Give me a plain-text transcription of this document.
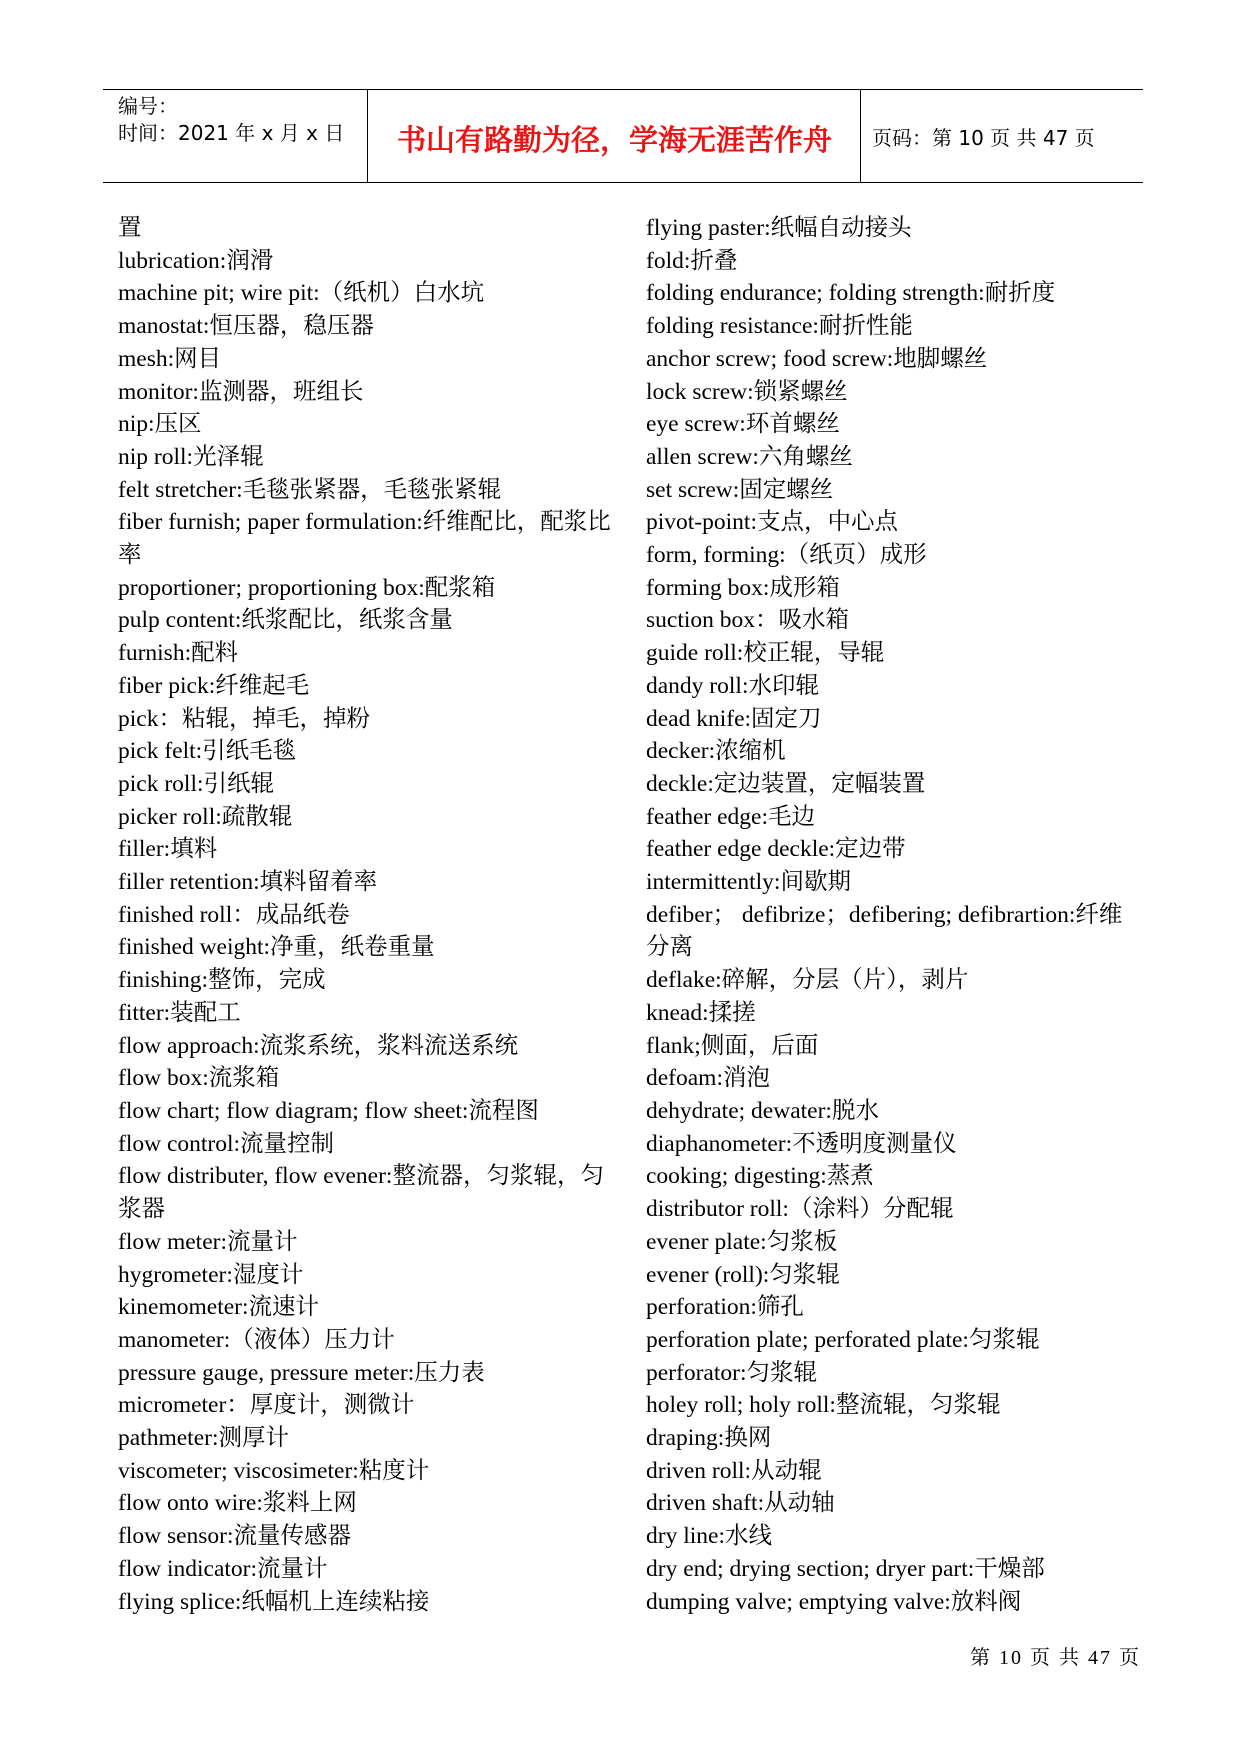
编号：
时间：2021 年 x 月 x 日	书山有路勤为径，学海无涯苦作舟	页码：第 10 页 共 47 页

置

lubrication:润滑

machine pit; wire pit:（纸机）白水坑

manostat:恒压器，稳压器

mesh:网目

monitor:监测器，班组长

nip:压区

nip roll:光泽辊

felt stretcher:毛毯张紧器，毛毯张紧辊

fiber furnish; paper formulation:纤维配比，配浆比率

proportioner; proportioning box:配浆箱

pulp content:纸浆配比，纸浆含量

furnish:配料

fiber pick:纤维起毛

pick：粘辊，掉毛，掉粉

pick felt:引纸毛毯

pick roll:引纸辊

picker roll:疏散辊

filler:填料

filler retention:填料留着率

finished roll：成品纸卷

finished weight:净重，纸卷重量

finishing:整饰，完成

fitter:装配工

flow approach:流浆系统，浆料流送系统

flow box:流浆箱

flow chart; flow diagram; flow sheet:流程图

flow control:流量控制

flow distributer, flow evener:整流器，匀浆辊，匀浆器

flow meter:流量计

hygrometer:湿度计

kinemometer:流速计

manometer:（液体）压力计

pressure gauge, pressure meter:压力表

micrometer：厚度计，测微计

pathmeter:测厚计

viscometer; viscosimeter:粘度计

flow onto wire:浆料上网

flow sensor:流量传感器

flow indicator:流量计

flying splice:纸幅机上连续粘接

flying paster:纸幅自动接头

fold:折叠

folding endurance; folding strength:耐折度

folding resistance:耐折性能

anchor screw; food screw:地脚螺丝

lock screw:锁紧螺丝

eye screw:环首螺丝

allen screw:六角螺丝

set screw:固定螺丝

pivot-point:支点，中心点

form, forming:（纸页）成形

forming box:成形箱

suction box：吸水箱

guide roll:校正辊，导辊

dandy roll:水印辊

dead knife:固定刀

decker:浓缩机

deckle:定边装置，定幅装置

feather edge:毛边

feather edge deckle:定边带

intermittently:间歇期

defiber； defibrize；defibering; defibrartion:纤维分离

deflake:碎解，分层（片），剥片

knead:揉搓

flank;侧面，后面

defoam:消泡

dehydrate; dewater:脱水

diaphanometer:不透明度测量仪

cooking; digesting:蒸煮

distributor roll:（涂料）分配辊

evener plate:匀浆板

evener (roll):匀浆辊

perforation:筛孔

perforation plate; perforated plate:匀浆辊

perforator:匀浆辊

holey roll; holy roll:整流辊，匀浆辊

draping:换网

driven roll:从动辊

driven shaft:从动轴

dry line:水线

dry end; drying section; dryer part:干燥部

dumping valve; emptying valve:放料阀

第 10 页 共 47 页
